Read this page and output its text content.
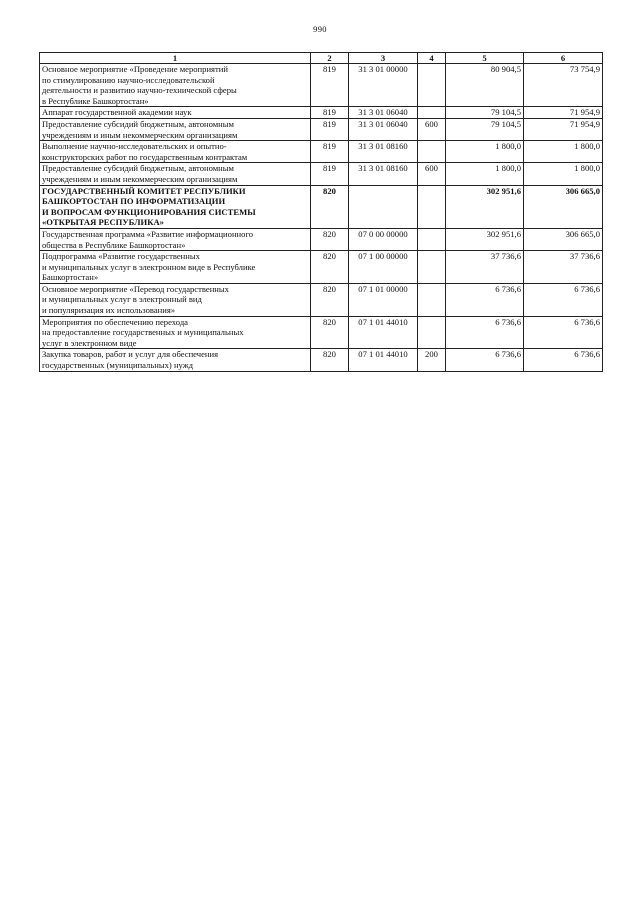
990
1	2	3	4	5	6

Основное мероприятие «Проведение мероприятий
по стимулированию научно-исследовательской
деятельности и развитию научно-технической сферы
в Республике Башкортостан»	819	31 3 01 00000		80 904,5	73 754,9

Аппарат государственной академии наук	819	31 3 01 06040		79 104,5	71 954,9

Предоставление субсидий бюджетным, автономным
учреждениям и иным некоммерческим организациям	819	31 3 01 06040	600	79 104,5	71 954,9

Выполнение научно-исследовательских и опытно-
конструкторских работ по государственным контрактам	819	31 3 01 08160		1 800,0	1 800,0

Предоставление субсидий бюджетным, автономным
учреждениям и иным некоммерческим организациям	819	31 3 01 08160	600	1 800,0	1 800,0

ГОСУДАРСТВЕННЫЙ КОМИТЕТ РЕСПУБЛИКИ
БАШКОРТОСТАН ПО ИНФОРМАТИЗАЦИИ
И ВОПРОСАМ ФУНКЦИОНИРОВАНИЯ СИСТЕМЫ
«ОТКРЫТАЯ РЕСПУБЛИКА»	820			302 951,6	306 665,0

Государственная программа «Развитие информационного
общества в Республике Башкортостан»	820	07 0 00 00000		302 951,6	306 665,0

Подпрограмма «Развитие государственных
и муниципальных услуг в электронном виде в Республике
Башкортостан»	820	07 1 00 00000		37 736,6	37 736,6

Основное мероприятие «Перевод государственных
и муниципальных услуг в электронный вид
и популяризация их использования»	820	07 1 01 00000		6 736,6	6 736,6

Мероприятия по обеспечению перехода
на предоставление государственных и муниципальных
услуг в электронном виде	820	07 1 01 44010		6 736,6	6 736,6

Закупка товаров, работ и услуг для обеспечения
государственных (муниципальных) нужд	820	07 1 01 44010	200	6 736,6	6 736,6
